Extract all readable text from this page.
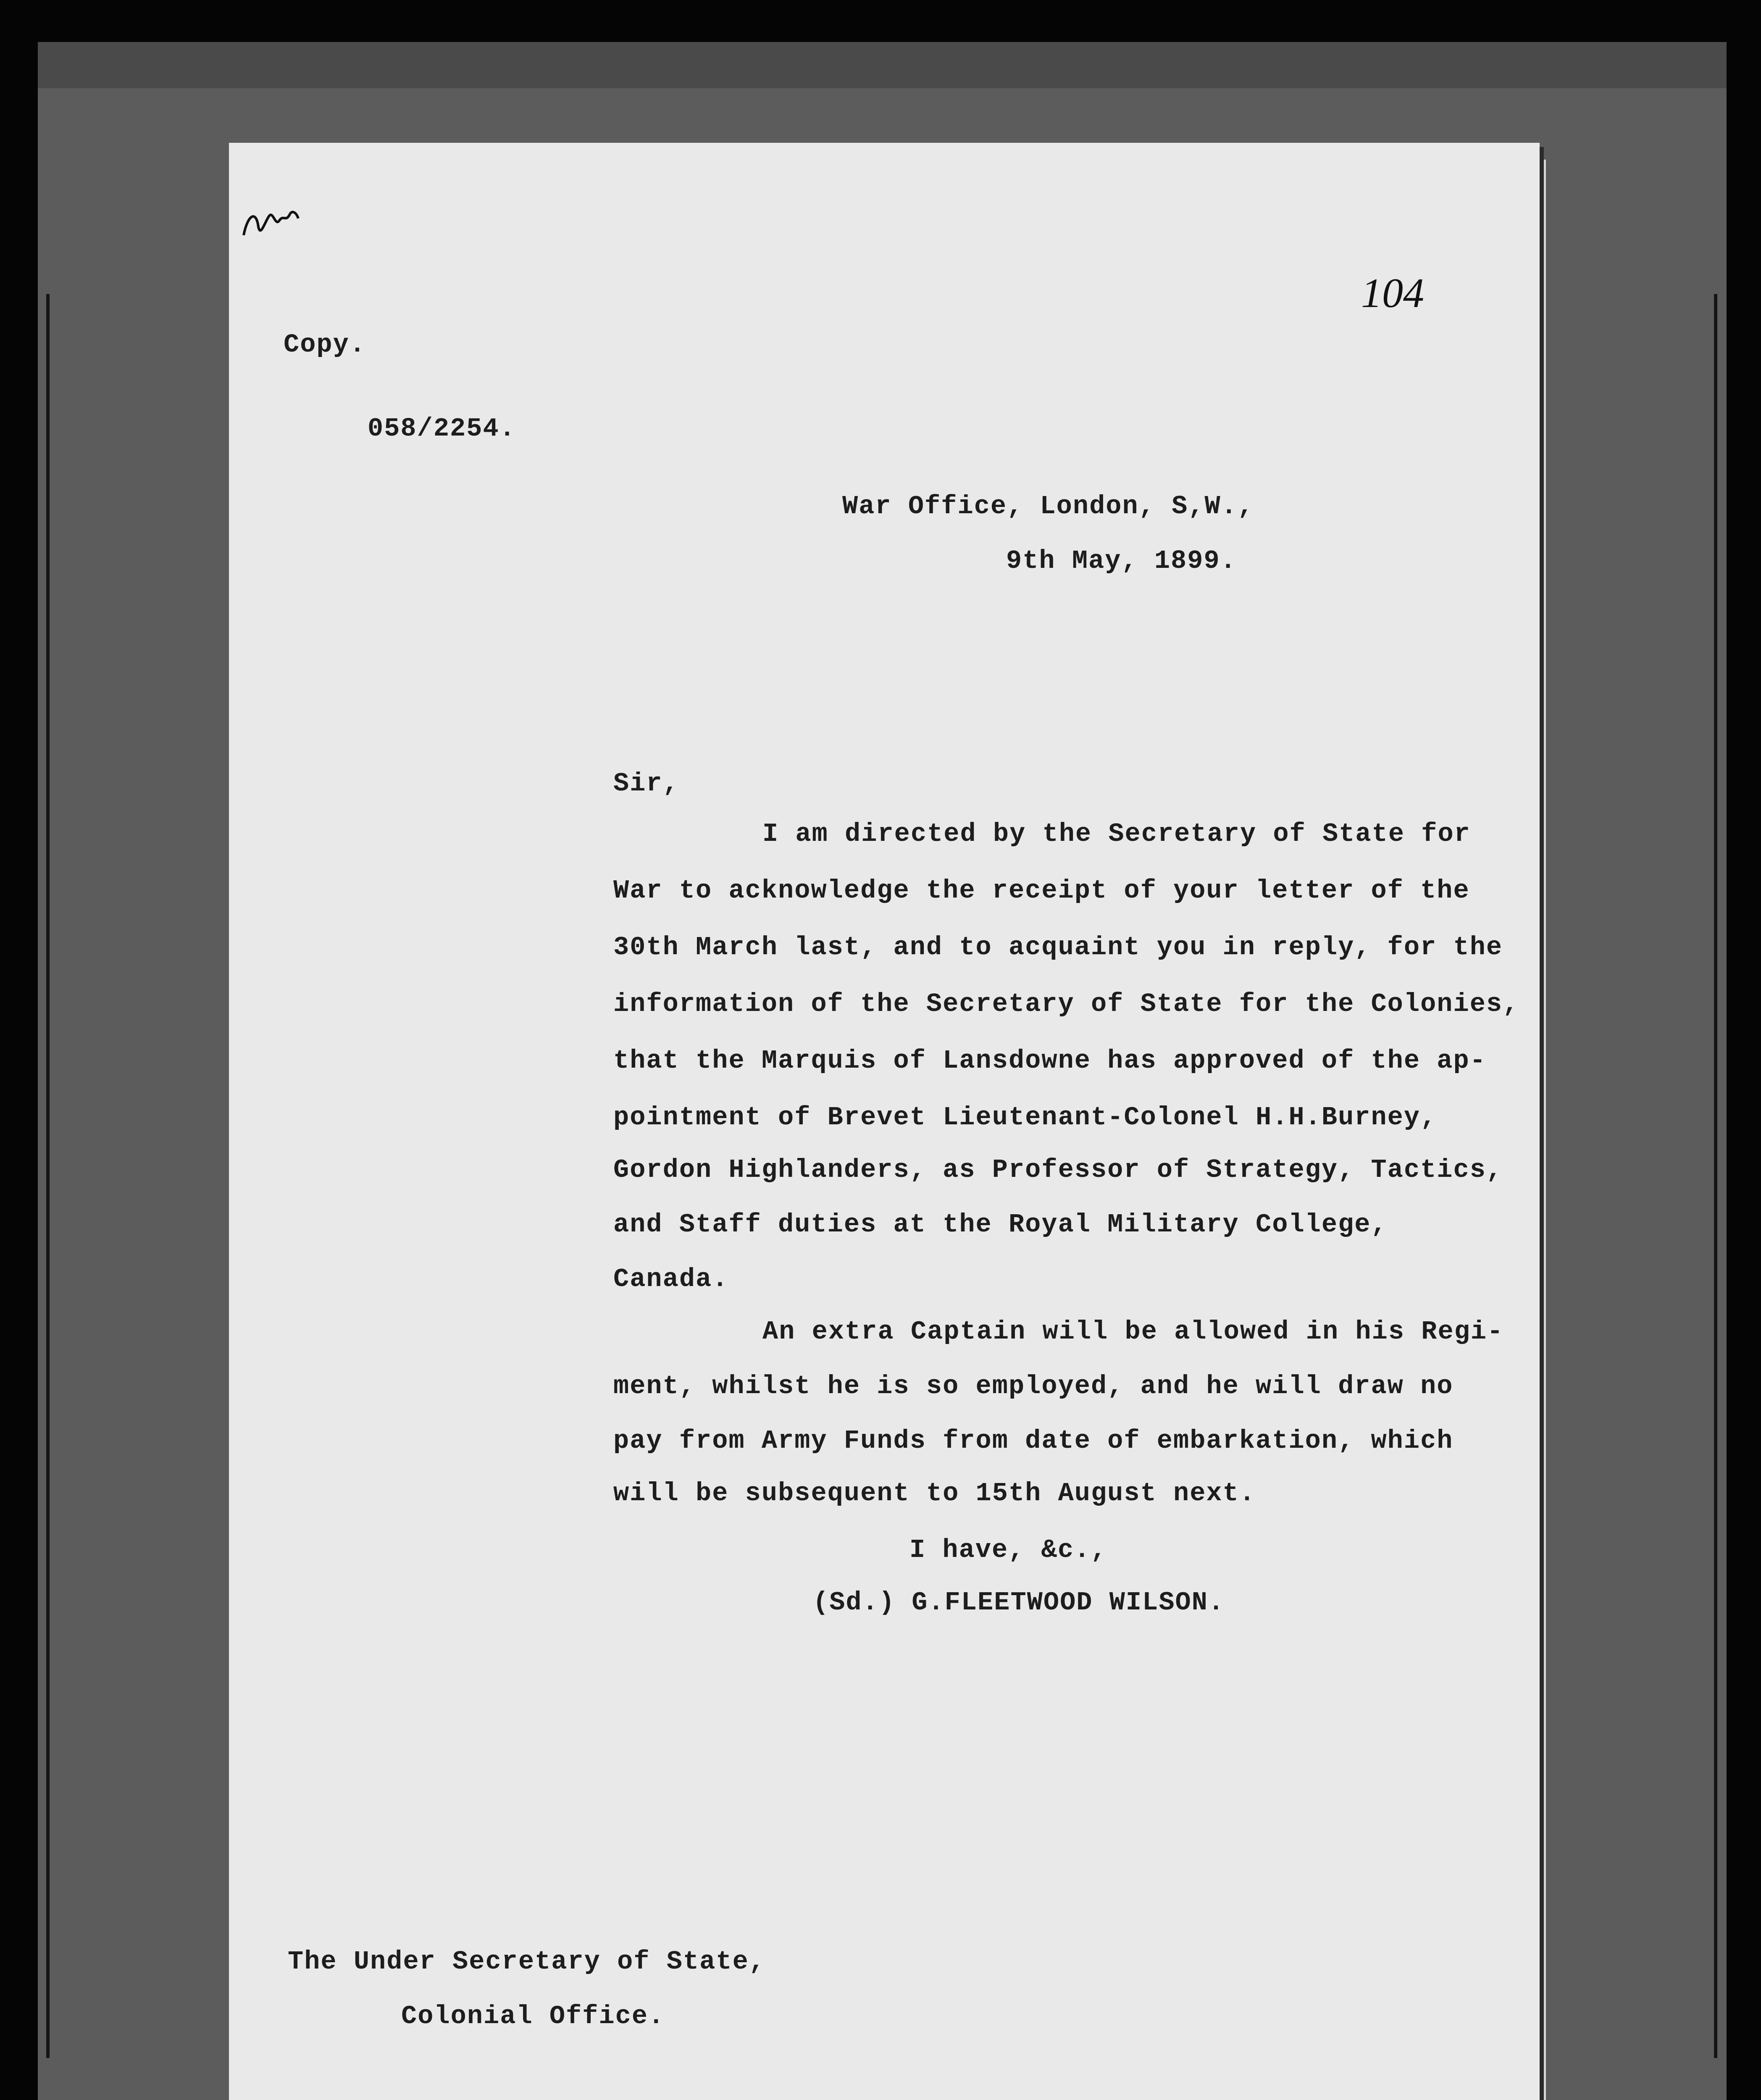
104
Copy.
058/2254.
War Office, London, S,W.,
9th May, 1899.
Sir,
I am directed by the Secretary of State for
War to acknowledge the receipt of your letter of the
30th March last, and to acquaint you in reply, for the
information of the Secretary of State for the Colonies,
that the Marquis of Lansdowne has approved of the ap-
pointment of Brevet Lieutenant-Colonel H.H.Burney,
Gordon Highlanders, as Professor of Strategy, Tactics,
and Staff duties at the Royal Military College,
Canada.
An extra Captain will be allowed in his Regi-
ment, whilst he is so employed, and he will draw no
pay from Army Funds from date of embarkation, which
will be subsequent to 15th August next.
I have, &c.,
(Sd.) G.FLEETWOOD WILSON.
The Under Secretary of State,
Colonial Office.
